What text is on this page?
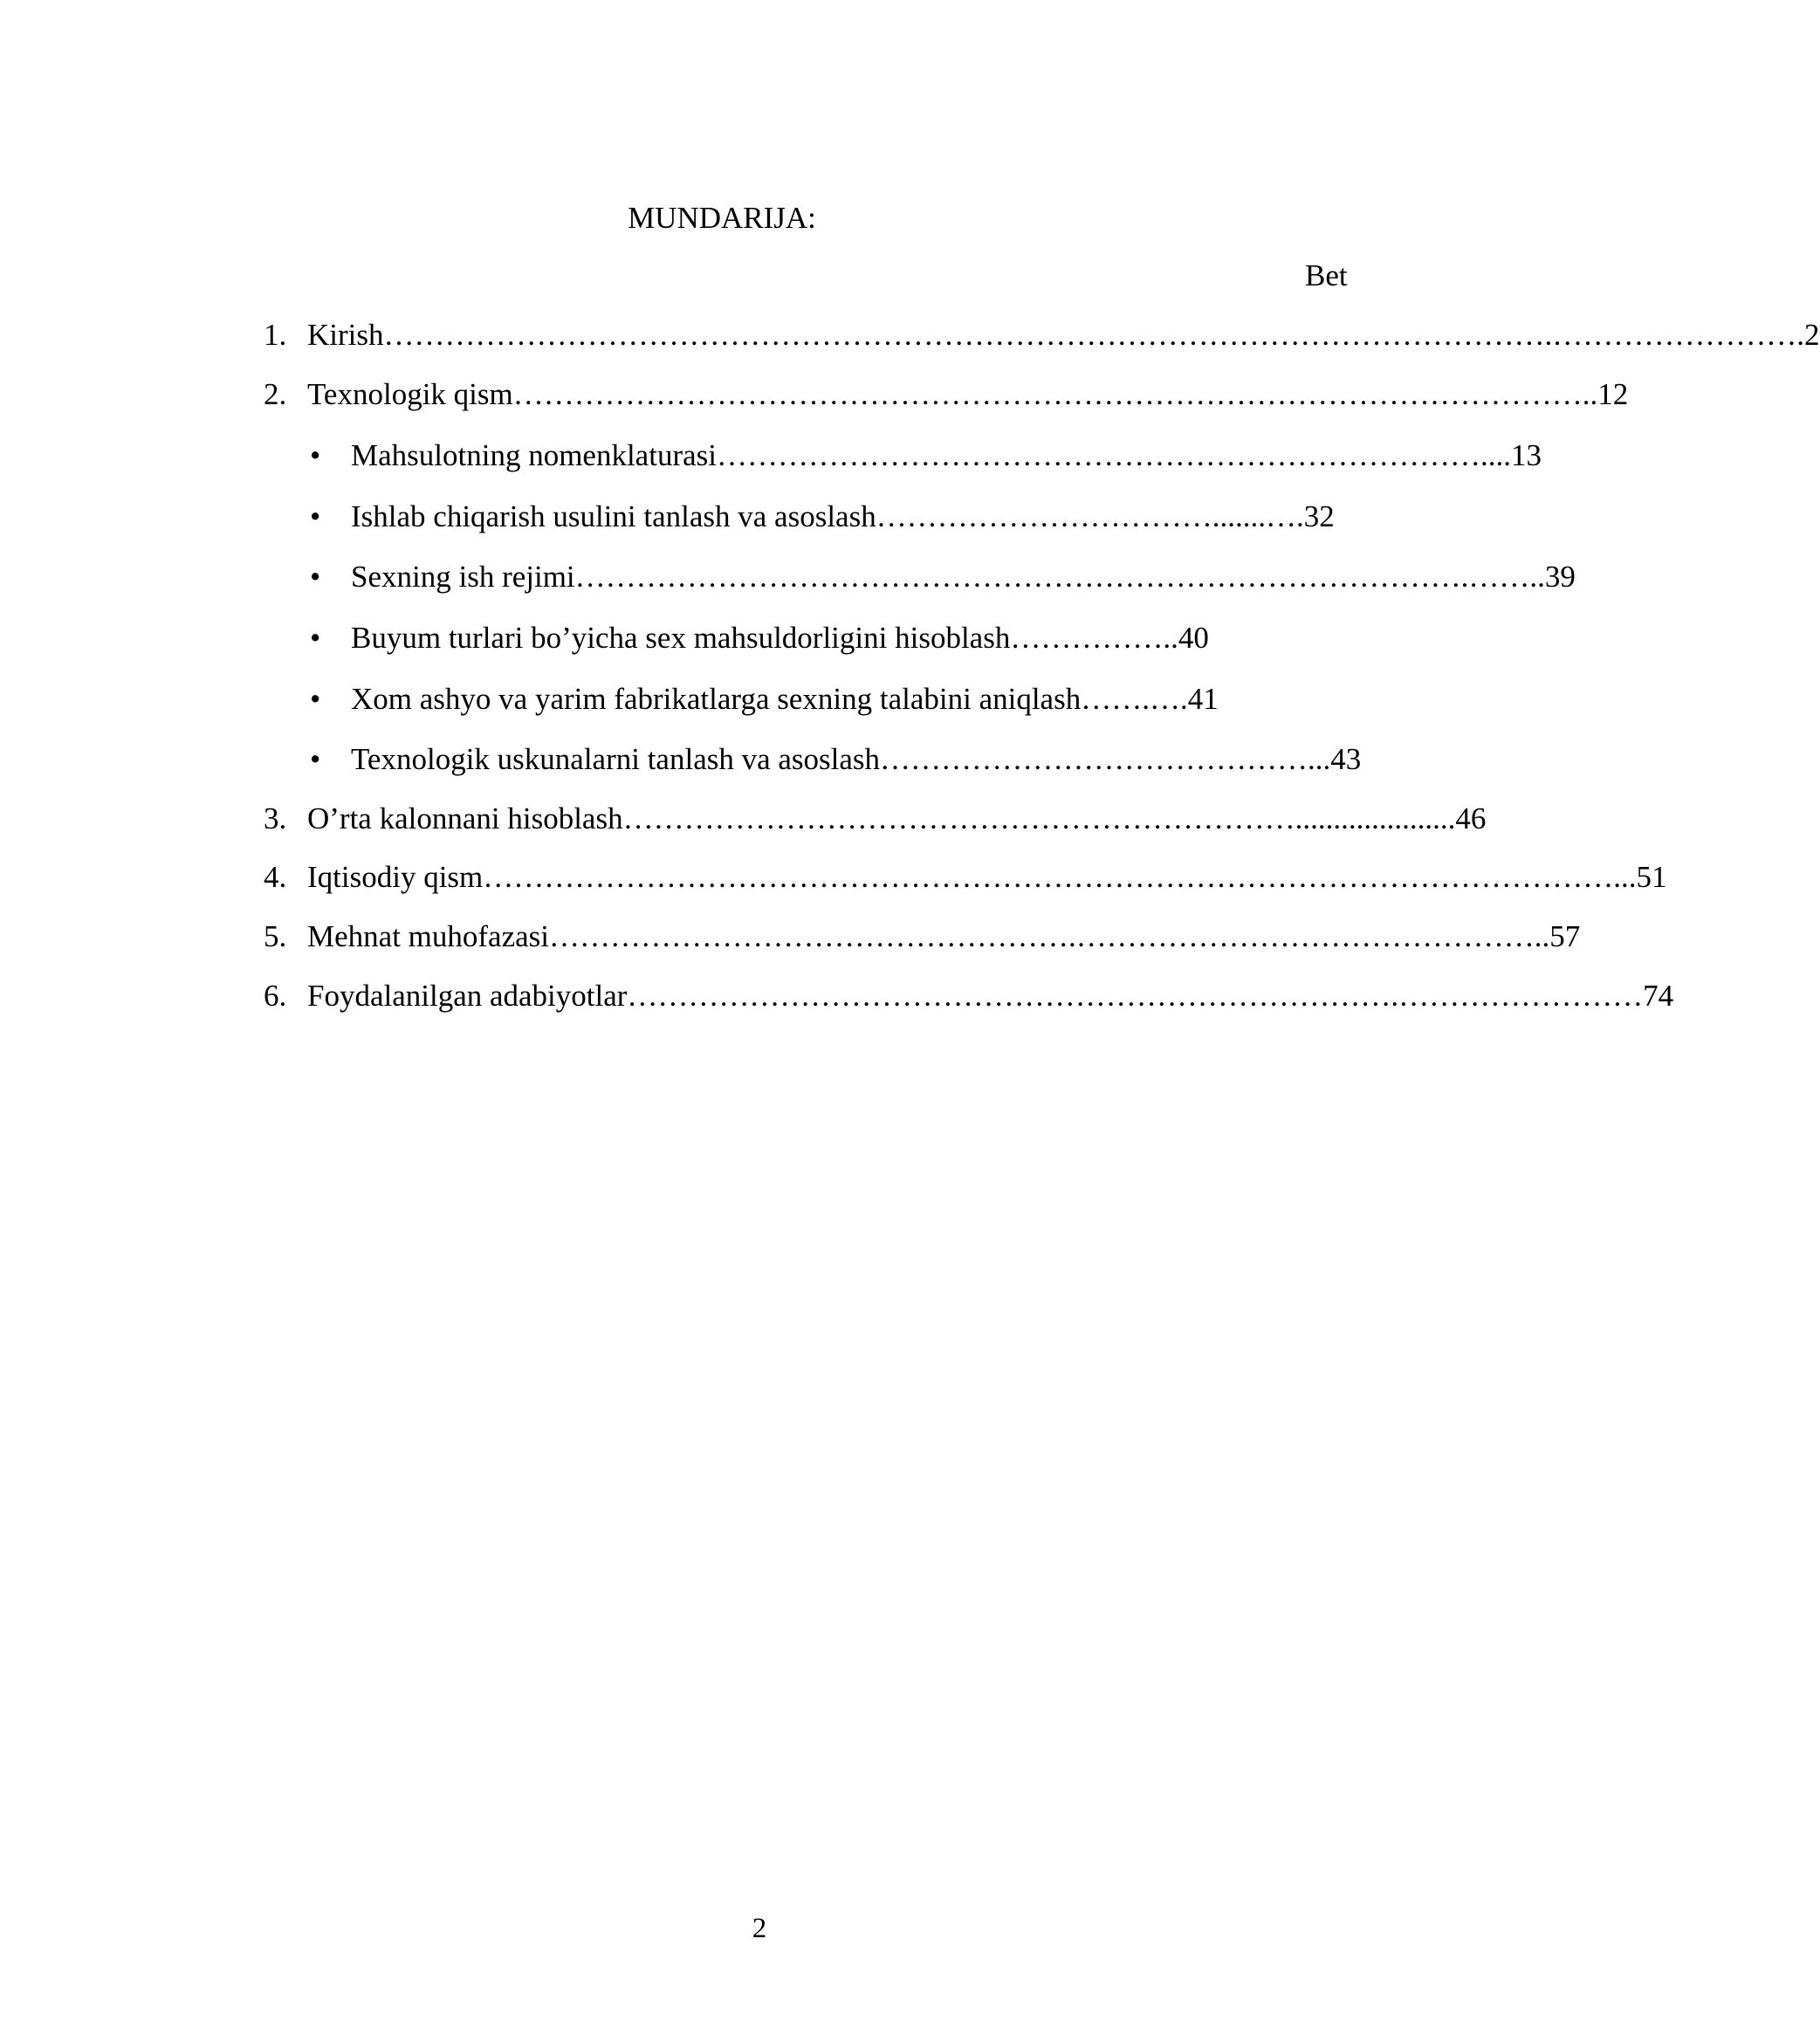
MUNDARIJA:
Bet
1. Kirish…………………………………………………………………………………………………….…………………….2
2. Texnologik qism……………………………………………………………………………………………..12
• Mahsulotning nomenklaturasi…………………………………………………………………....13
• Ishlab chiqarish usulini tanlash va asoslash…………………………….......….32
• Sexning ish rejimi…………………………………………………………………………….……..39
• Buyum turlari bo’yicha sex mahsuldorligini hisoblash……………..40
• Xom ashyo va yarim fabrikatlarga sexning talabini aniqlash…….….41
• Texnologik uskunalarni tanlash va asoslash……………………………………...43
3. O’rta kalonnani hisoblash………………………………………………………….....................46
4. Iqtisodiy qism…………………………………………………………………………………………………...51
5. Mehnat muhofazasi…………………………………………….………………………………………..57
6. Foydalanilgan adabiyotlar………………………………………………………………….……………………74
2
